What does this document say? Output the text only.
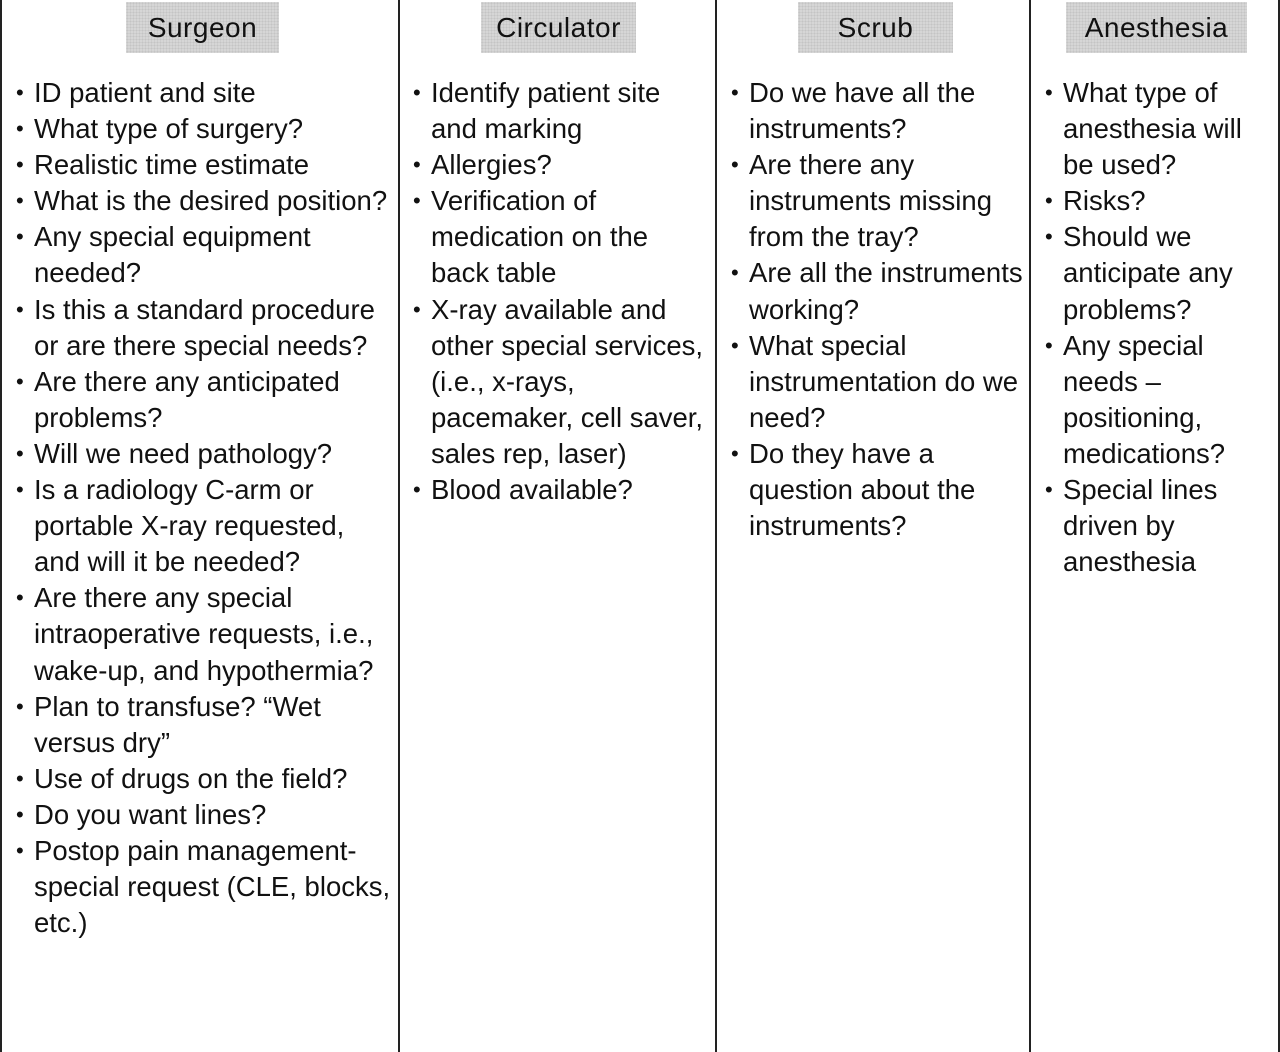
Surgeon
• ID patient and site
• What type of surgery?
• Realistic time estimate
• What is the desired position?
• Any special equipment needed?
• Is this a standard procedure or are there special needs?
• Are there any anticipated problems?
• Will we need pathology?
• Is a radiology C-arm or portable X-ray requested, and will it be needed?
• Are there any special intraoperative requests, i.e., wake-up, and hypothermia?
• Plan to transfuse? “Wet versus dry”
• Use of drugs on the field?
• Do you want lines?
• Postop pain management-special request (CLE, blocks, etc.)
Circulator
• Identify patient site and marking
• Allergies?
• Verification of medication on the back table
• X-ray available and other special services, (i.e., x-rays, pacemaker, cell saver, sales rep, laser)
• Blood available?
Scrub
• Do we have all the instruments?
• Are there any instruments missing from the tray?
• Are all the instruments working?
• What special instrumentation do we need?
• Do they have a question about the instruments?
Anesthesia
• What type of anesthesia will be used?
• Risks?
• Should we anticipate any problems?
• Any special needs – positioning, medications?
• Special lines driven by anesthesia
